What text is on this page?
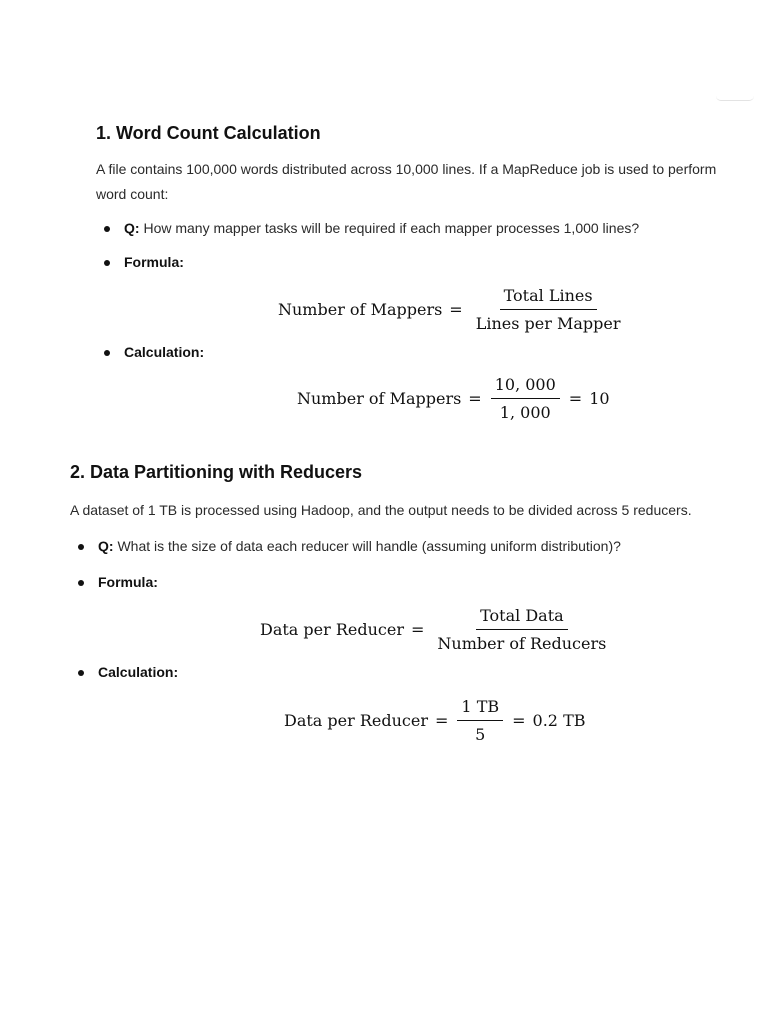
1. Word Count Calculation

A file contains 100,000 words distributed across 10,000 lines. If a MapReduce job is used to perform

word count:

Q: How many mapper tasks will be required if each mapper processes 1,000 lines?
Formula:
Number of Mappers = $\frac{\text{Total Lines}}{\text{Lines per Mapper}}$
Calculation:
Number of Mappers = $\frac{10, 000}{1, 000} = 10$
2. Data Partitioning with Reducers

A dataset of 1 TB is processed using Hadoop, and the output needs to be divided across 5 reducers.

Q: What is the size of data each reducer will handle (assuming uniform distribution)?
Formula:
Data per Reducer = $\frac{\text{Total Data}}{\text{Number of Reducers}}$
Calculation:
Data per Reducer = $\frac{1 TB}{5} = 0.2$ TB
